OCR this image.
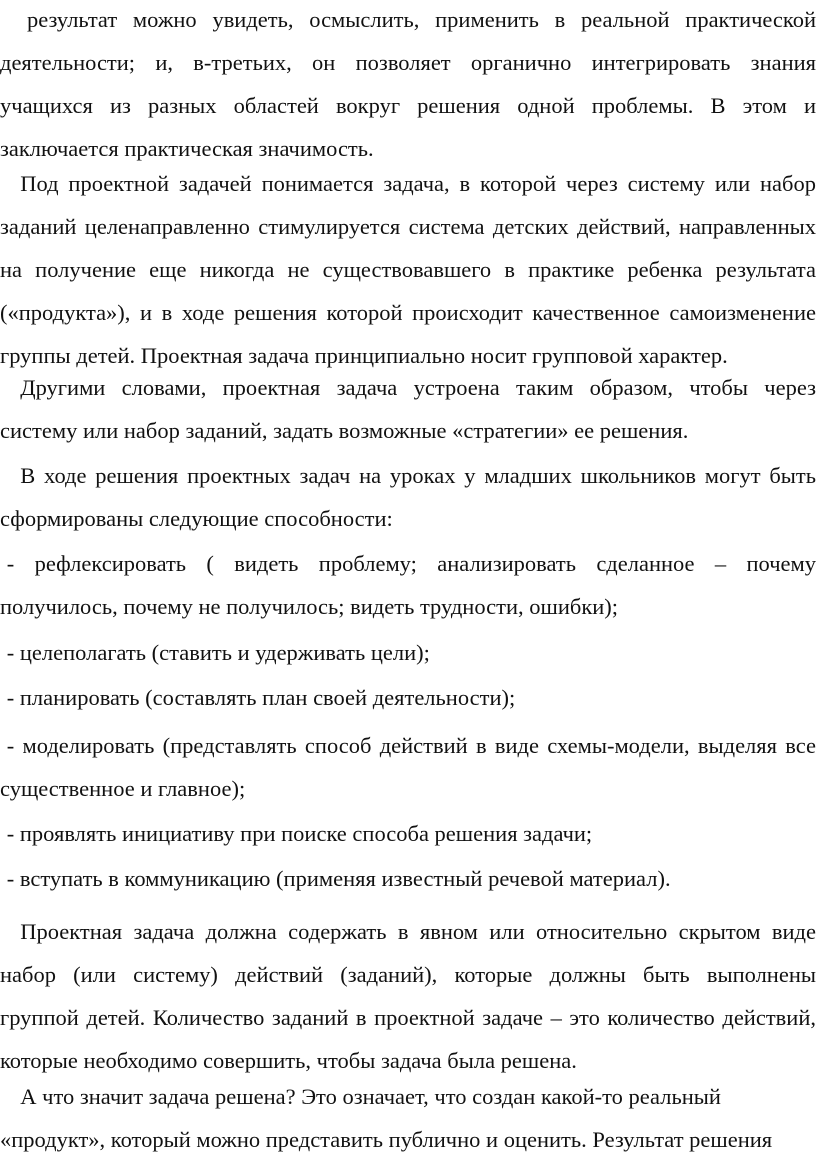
результат можно увидеть, осмыслить, применить в реальной практической
деятельности; и, в-третьих, он позволяет органично интегрировать знания
учащихся из разных областей вокруг решения одной проблемы. В этом и
заключается практическая значимость.
Под проектной задачей понимается задача, в которой через систему или набор
заданий целенаправленно стимулируется система детских действий, направленных
на получение еще никогда не существовавшего в практике ребенка результата
(«продукта»), и в ходе решения которой происходит качественное самоизменение
группы детей. Проектная задача принципиально носит групповой характер.
Другими словами, проектная задача устроена таким образом, чтобы через
систему или набор заданий, задать возможные «стратегии» ее решения.
В ходе решения проектных задач на уроках у младших школьников могут быть
сформированы следующие способности:
- рефлексировать ( видеть проблему; анализировать сделанное – почему
получилось, почему не получилось; видеть трудности, ошибки);
- целеполагать (ставить и удерживать цели);
- планировать (составлять план своей деятельности);
- моделировать (представлять способ действий в виде схемы-модели, выделяя все
существенное и главное);
- проявлять инициативу при поиске способа решения задачи;
- вступать в коммуникацию (применяя известный речевой материал).
Проектная задача должна содержать в явном или относительно скрытом виде
набор (или систему) действий (заданий), которые должны быть выполнены
группой детей. Количество заданий в проектной задаче – это количество действий,
которые необходимо совершить, чтобы задача была решена.
А что значит задача решена? Это означает, что создан какой-то реальный
«продукт», который можно представить публично и оценить. Результат решения
